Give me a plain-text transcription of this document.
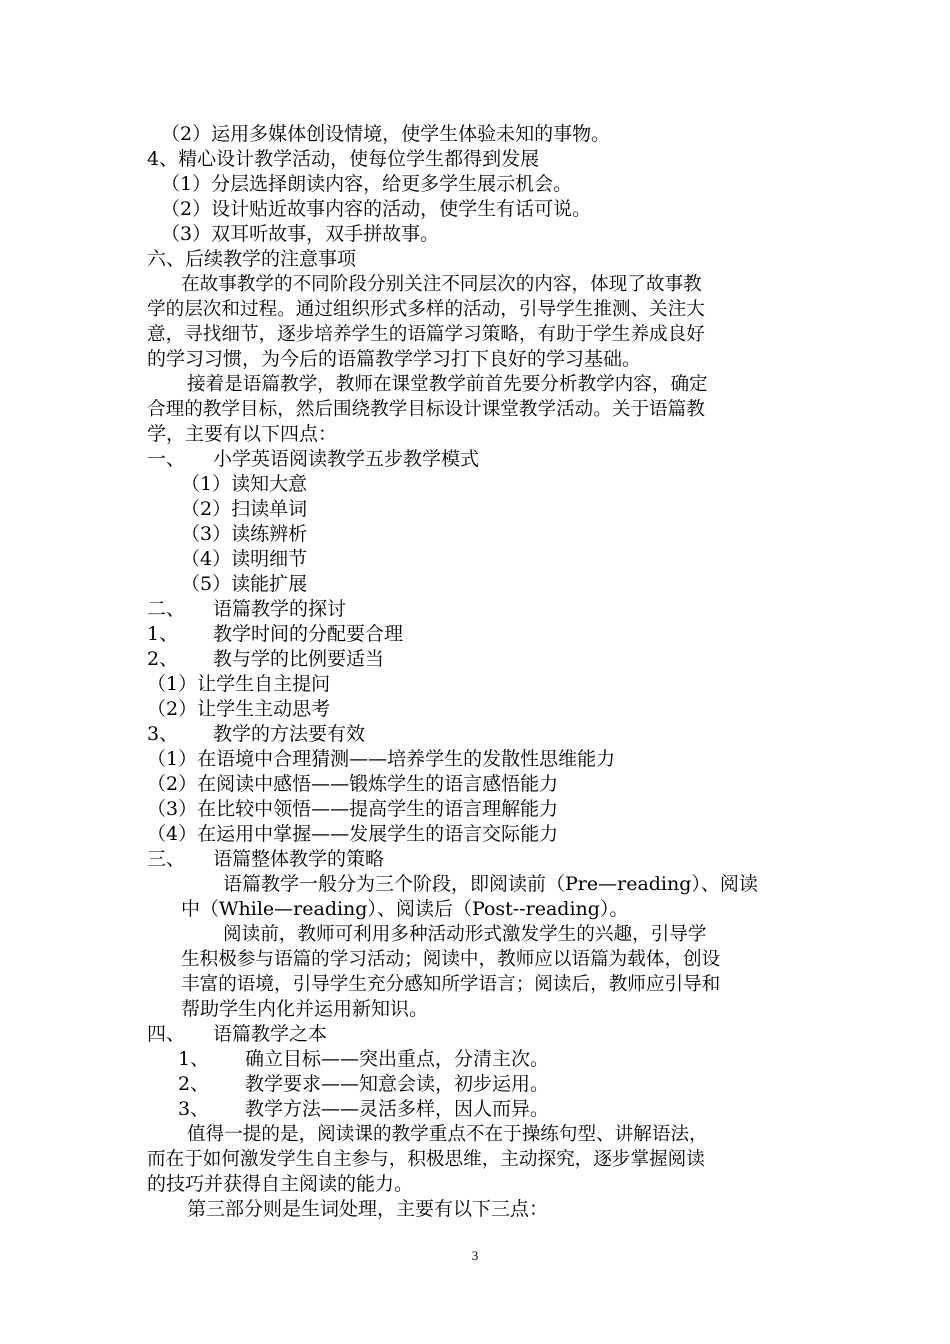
（2）运用多媒体创设情境，使学生体验未知的事物。
4、精心设计教学活动，使每位学生都得到发展
（1）分层选择朗读内容，给更多学生展示机会。
（2）设计贴近故事内容的活动，使学生有话可说。
（3）双耳听故事，双手拼故事。
六、后续教学的注意事项
在故事教学的不同阶段分别关注不同层次的内容，体现了故事教
学的层次和过程。通过组织形式多样的活动，引导学生推测、关注大
意，寻找细节，逐步培养学生的语篇学习策略，有助于学生养成良好
的学习习惯，为今后的语篇教学学习打下良好的学习基础。
接着是语篇教学，教师在课堂教学前首先要分析教学内容，确定
合理的教学目标，然后围绕教学目标设计课堂教学活动。关于语篇教
学，主要有以下四点：
一、 小学英语阅读教学五步教学模式
（1）读知大意
（2）扫读单词
（3）读练辨析
（4）读明细节
（5）读能扩展
二、 语篇教学的探讨
1、 教学时间的分配要合理
2、 教与学的比例要适当
（1）让学生自主提问
（2）让学生主动思考
3、 教学的方法要有效
（1）在语境中合理猜测——培养学生的发散性思维能力
（2）在阅读中感悟——锻炼学生的语言感悟能力
（3）在比较中领悟——提高学生的语言理解能力
（4）在运用中掌握——发展学生的语言交际能力
三、 语篇整体教学的策略
语篇教学一般分为三个阶段，即阅读前（Pre—reading）、阅读
中（While—reading）、阅读后（Post--reading）。
阅读前，教师可利用多种活动形式激发学生的兴趣，引导学
生积极参与语篇的学习活动；阅读中，教师应以语篇为载体，创设
丰富的语境，引导学生充分感知所学语言；阅读后，教师应引导和
帮助学生内化并运用新知识。
四、 语篇教学之本
1、 确立目标——突出重点，分清主次。
2、 教学要求——知意会读，初步运用。
3、 教学方法——灵活多样，因人而异。
值得一提的是，阅读课的教学重点不在于操练句型、讲解语法，
而在于如何激发学生自主参与，积极思维，主动探究，逐步掌握阅读
的技巧并获得自主阅读的能力。
第三部分则是生词处理，主要有以下三点：
3
